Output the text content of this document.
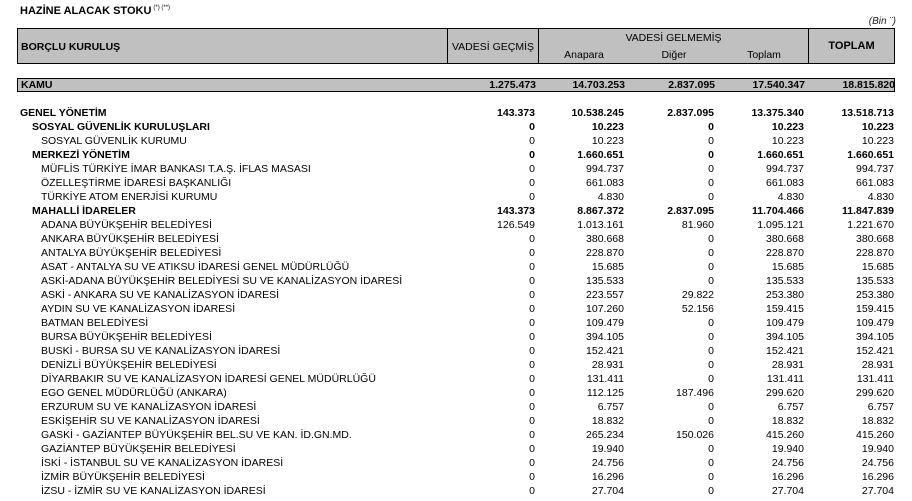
HAZİNE ALACAK STOKU (*) (**)
(Bin ¨)
BORÇLU KURULUŞ	VADESİ GEÇMİŞ
VADESİ GELMEMİŞ
Anapara	Diğer	Toplam
TOPLAM
KAMU	1.275.473	14.703.253	2.837.095	17.540.347	18.815.820
GENEL YÖNETİM	143.373	10.538.245	2.837.095	13.375.340	13.518.713
SOSYAL GÜVENLİK KURULUŞLARI	0	10.223	0	10.223	10.223
SOSYAL GÜVENLİK KURUMU	0	10.223	0	10.223	10.223
MERKEZİ YÖNETİM	0	1.660.651	0	1.660.651	1.660.651
MÜFLİS TÜRKİYE İMAR BANKASI T.A.Ş. İFLAS MASASI	0	994.737	0	994.737	994.737
ÖZELLEŞTİRME İDARESİ BAŞKANLIĞI	0	661.083	0	661.083	661.083
TÜRKİYE ATOM ENERJİSİ KURUMU	0	4.830	0	4.830	4.830
MAHALLİ İDARELER	143.373	8.867.372	2.837.095	11.704.466	11.847.839
ADANA BÜYÜKŞEHİR BELEDİYESİ	126.549	1.013.161	81.960	1.095.121	1.221.670
ANKARA BÜYÜKŞEHİR BELEDİYESİ	0	380.668	0	380.668	380.668
ANTALYA BÜYÜKŞEHİR BELEDİYESİ	0	228.870	0	228.870	228.870
ASAT - ANTALYA SU VE ATIKSU İDARESİ GENEL MÜDÜRLÜĞÜ	0	15.685	0	15.685	15.685
ASKİ-ADANA BÜYÜKŞEHİR BELEDİYESİ SU VE KANALİZASYON İDARESİ	0	135.533	0	135.533	135.533
ASKİ - ANKARA SU VE KANALİZASYON İDARESİ	0	223.557	29.822	253.380	253.380
AYDIN SU VE KANALİZASYON İDARESİ	0	107.260	52.156	159.415	159.415
BATMAN BELEDİYESİ	0	109.479	0	109.479	109.479
BURSA BÜYÜKŞEHİR BELEDİYESİ	0	394.105	0	394.105	394.105
BUSKİ - BURSA SU VE KANALİZASYON İDARESİ	0	152.421	0	152.421	152.421
DENİZLİ BÜYÜKŞEHİR BELEDİYESİ	0	28.931	0	28.931	28.931
DİYARBAKIR SU VE KANALİZASYON İDARESİ GENEL MÜDÜRLÜĞÜ	0	131.411	0	131.411	131.411
EGO GENEL MÜDÜRLÜĞÜ (ANKARA)	0	112.125	187.496	299.620	299.620
ERZURUM SU VE KANALİZASYON İDARESİ	0	6.757	0	6.757	6.757
ESKİŞEHİR SU VE KANALİZASYON İDARESİ	0	18.832	0	18.832	18.832
GASKİ - GAZİANTEP BÜYÜKŞEHİR BEL.SU VE KAN. İD.GN.MD.	0	265.234	150.026	415.260	415.260
GAZİANTEP BÜYÜKŞEHİR BELEDİYESİ	0	19.940	0	19.940	19.940
İSKİ - İSTANBUL SU VE KANALİZASYON İDARESİ	0	24.756	0	24.756	24.756
İZMİR BÜYÜKŞEHİR BELEDİYESİ	0	16.296	0	16.296	16.296
İZSU - İZMİR SU VE KANALİZASYON İDARESİ	0	27.704	0	27.704	27.704
